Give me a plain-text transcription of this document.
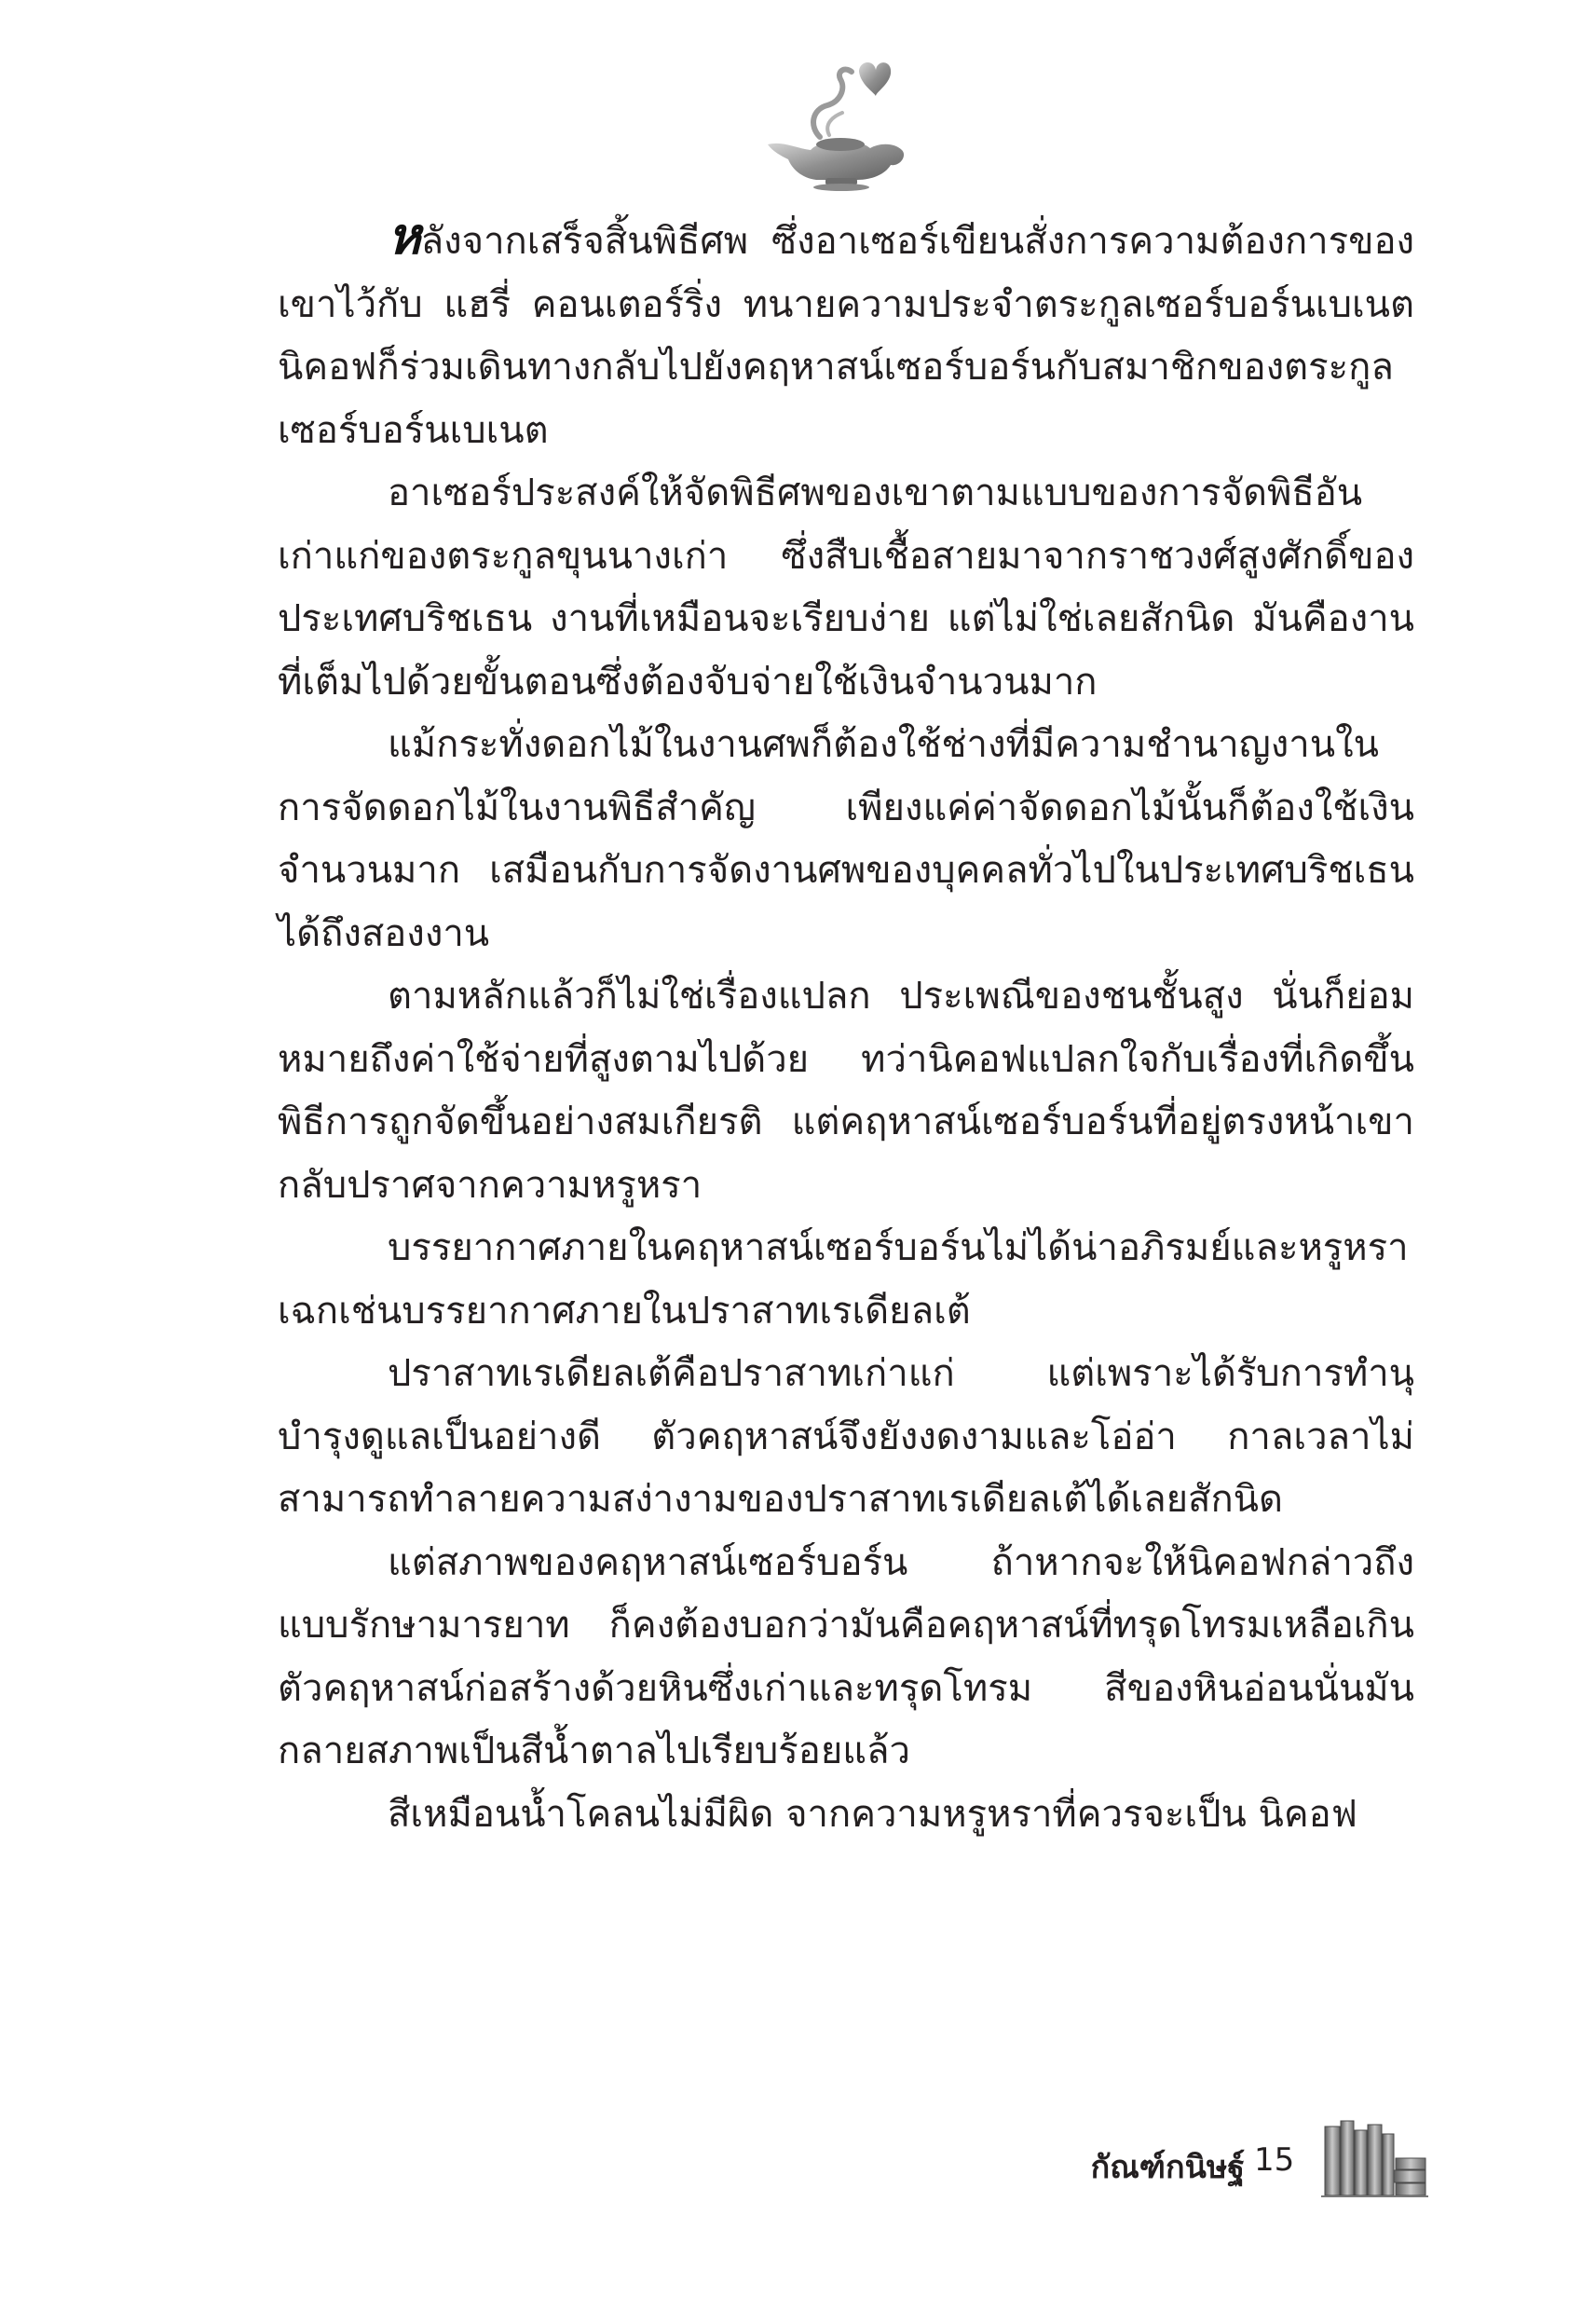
หลังจากเสร็จสิ้นพิธีศพ ซึ่งอาเซอร์เขียนสั่งการความต้องการของเขาไว้กับ แฮรี่ คอนเตอร์ริ่ง ทนายความประจำตระกูลเซอร์บอร์นเบเนต นิคอฟก็ร่วมเดินทางกลับไปยังคฤหาสน์เซอร์บอร์นกับสมาชิกของตระกูลเซอร์บอร์นเบเนต

อาเซอร์ประสงค์ให้จัดพิธีศพของเขาตามแบบของการจัดพิธีอันเก่าแก่ของตระกูลขุนนางเก่า ซึ่งสืบเชื้อสายมาจากราชวงศ์สูงศักดิ์ของประเทศบริชเธน งานที่เหมือนจะเรียบง่าย แต่ไม่ใช่เลยสักนิด มันคืองานที่เต็มไปด้วยขั้นตอนซึ่งต้องจับจ่ายใช้เงินจำนวนมาก

แม้กระทั่งดอกไม้ในงานศพก็ต้องใช้ช่างที่มีความชำนาญงานในการจัดดอกไม้ในงานพิธีสำคัญ เพียงแค่ค่าจัดดอกไม้นั้นก็ต้องใช้เงินจำนวนมาก เสมือนกับการจัดงานศพของบุคคลทั่วไปในประเทศบริชเธนได้ถึงสองงาน

ตามหลักแล้วก็ไม่ใช่เรื่องแปลก ประเพณีของชนชั้นสูง นั่นก็ย่อมหมายถึงค่าใช้จ่ายที่สูงตามไปด้วย ทว่านิคอฟแปลกใจกับเรื่องที่เกิดขึ้น พิธีการถูกจัดขึ้นอย่างสมเกียรติ แต่คฤหาสน์เซอร์บอร์นที่อยู่ตรงหน้าเขากลับปราศจากความหรูหรา

บรรยากาศภายในคฤหาสน์เซอร์บอร์นไม่ได้น่าอภิรมย์และหรูหราเฉกเช่นบรรยากาศภายในปราสาทเรเดียลเต้

ปราสาทเรเดียลเต้คือปราสาทเก่าแก่ แต่เพราะได้รับการทำนุบำรุงดูแลเป็นอย่างดี ตัวคฤหาสน์จึงยังงดงามและโอ่อ่า กาลเวลาไม่สามารถทำลายความสง่างามของปราสาทเรเดียลเต้ได้เลยสักนิด

แต่สภาพของคฤหาสน์เซอร์บอร์น ถ้าหากจะให้นิคอฟกล่าวถึงแบบรักษามารยาท ก็คงต้องบอกว่ามันคือคฤหาสน์ที่ทรุดโทรมเหลือเกิน ตัวคฤหาสน์ก่อสร้างด้วยหินซึ่งเก่าและทรุดโทรม สีของหินอ่อนนั่นมันกลายสภาพเป็นสีน้ำตาลไปเรียบร้อยแล้ว

สีเหมือนน้ำโคลนไม่มีผิด จากความหรูหราที่ควรจะเป็น นิคอฟ

กัณฑ์กนิษฐ์ 15
